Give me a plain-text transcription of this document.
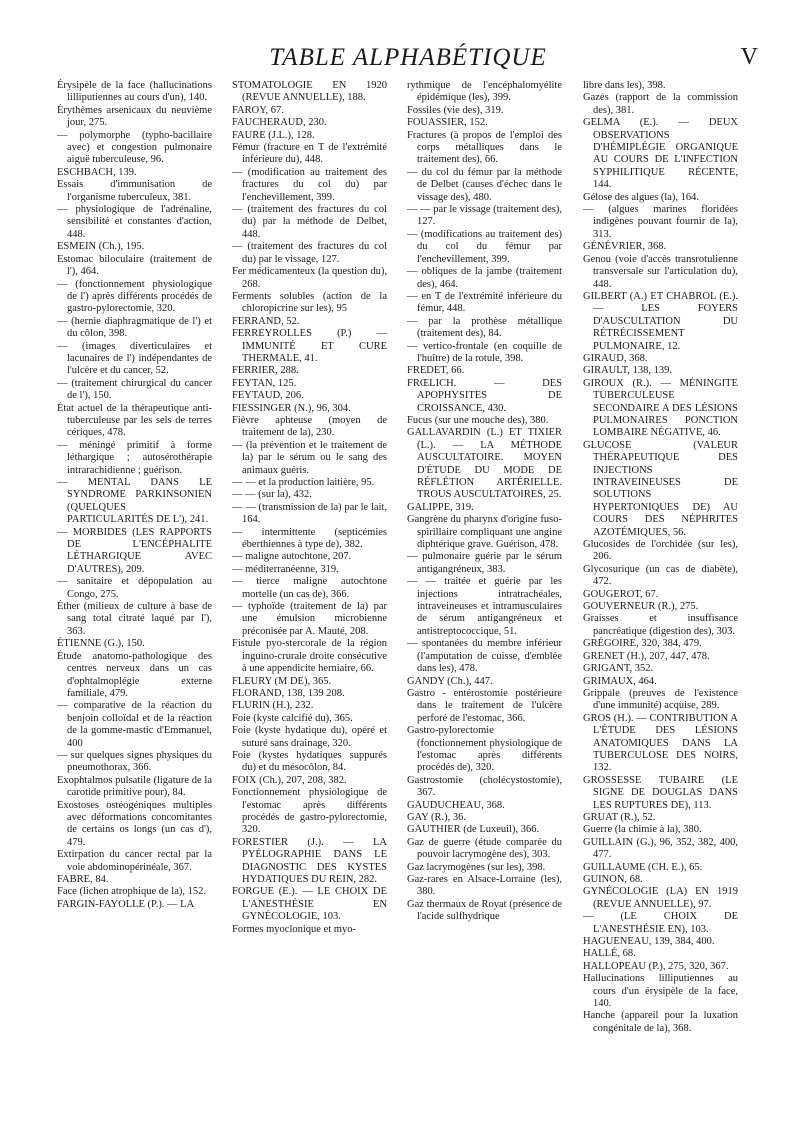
TABLE ALPHABÉTIQUE	V

Érysipèle de la face (hallucinations lilliputiennes au cours d'un), 140.

Érythèmes arsenicaux du neuvième jour, 275.

— polymorphe (typho-bacillaire avec) et congestion pulmonaire aiguë tuberculeuse, 96.

ESCHBACH, 139.

Essais d'immunisation de l'organisme tuberculeux, 381.

— physiologique de l'adrénaline, sensibilité et constantes d'action, 448.

ESMEIN (Ch.), 195.

Estomac biloculaire (traitement de l'), 464.

— (fonctionnement physiologique de l') après différents procédés de gastro-pylorectomie, 320.

— (hernie diaphragmatique de l') et du côlon, 398.

— (images diverticulaires et lacunaires de l') indépendantes de l'ulcère et du cancer, 52.

— (traitement chirurgical du cancer de l'), 150.

État actuel de la thérapeutique anti-tuberculeuse par les sels de terres cériques, 478.

— méningé primitif à forme léthargique ; autosérothérapie intrarachidienne ; guérison.

— MENTAL DANS LE SYNDROME PARKINSONIEN (QUELQUES PARTICULARITÉS DE L'), 241.

— MORBIDES (LES RAPPORTS DE L'ENCÉPHALITE LÉTHARGIQUE AVEC D'AUTRES), 209.

— sanitaire et dépopulation au Congo, 275.

Éther (milieux de culture à base de sang total citraté laqué par l'), 363.

ÉTIENNE (G.), 150.

Étude anatomo-pathologique des centres nerveux dans un cas d'ophtalmoplégie externe familiale, 479.

— comparative de la réaction du benjoin colloïdal et de la réaction de la gomme-mastic d'Emmanuel, 400

— sur quelques signes physiques du pneumothorax, 366.

Exophtalmos pulsatile (ligature de la carotide primitive pour), 84.

Exostoses ostéogéniques multiples avec déformations concomitantes de certains os longs (un cas d'), 479.

Extirpation du cancer rectal par la voie abdominopérinéale, 367.

FABRE, 84.

Face (lichen atrophique de la), 152.

FARGIN-FAYOLLE (P.). — LA

STOMATOLOGIE EN 1920 (REVUE ANNUELLE), 188.

FAROY, 67.

FAUCHERAUD, 230.

FAURE (J.L.), 128.

Fémur (fracture en T de l'extrémité inférieure du), 448.

— (modification au traitement des fractures du col du) par l'enchevillement, 399.

— (traitement des fractures du col du) par la méthode de Delbet, 448.

— (traitement des fractures du col du) par le vissage, 127.

Fer médicamenteux (la question du), 268.

Ferments solubles (action de la chloropicrine sur les), 95

FERRAND, 52.

FERREYROLLES (P.) — IMMUNITÉ ET CURE THERMALE, 41.

FERRIER, 288.

FEYTAN, 125.

FEYTAUD, 206.

FIESSINGER (N.), 96, 304.

Fièvre aphteuse (moyen de traitement de la), 230.

— (la prévention et le traitement de la) par le sérum ou le sang des animaux guéris.

— — et la production laitière, 95.

— — (sur la), 432.

— — (transmission de la) par le lait, 164.

— intermittente (septicémies éberthiennes à type de), 382.

— maligne autochtone, 207.

— méditerranéenne, 319.

— tierce maligne autochtone mortelle (un cas de), 366.

— typhoïde (traitement de la) par une émulsion microbienne préconisée par A. Mauté, 208.

Fistule pyo-stercorale de la région inguino-crurale droite consécutive à une appendicite herniaire, 66.

FLEURY (M DE), 365.

FLORAND, 138, 139 208.

FLURIN (H.), 232.

Foie (kyste calcifié du), 365.

Foie (kyste hydatique du), opéré et suturé sans drainage, 320.

Foie (kystes hydatiques suppurés du) et du mésocôlon, 84.

FOIX (Ch.), 207, 208, 382.

Fonctionnement physiologique de l'estomac après différents procédés de gastro-pylorectomie, 320.

FORESTIER (J.). — LA PYÉLOGRAPHIE DANS LE DIAGNOSTIC DES KYSTES HYDATIQUES DU REIN, 282.

FORGUE (E.). — LE CHOIX DE L'ANESTHÉSIE EN GYNÉCOLOGIE, 103.

Formes myoclonique et myo-

rythmique de l'encéphalomyélite épidémique (les), 399.

Fossiles (vie des), 319.

FOUASSIER, 152.

Fractures (à propos de l'emploi des corps métalliques dans le traitement des), 66.

— du col du fémur par la méthode de Delbet (causes d'échec dans le vissage des), 480.

— — par le vissage (traitement des), 127.

— (modifications au traitement des) du col du fémur par l'enchevillement, 399.

— obliques de la jambe (traitement des), 464.

— en T de l'extrémité inférieure du fémur, 448.

— par la prothèse métallique (traitement des), 84.

— vertico-frontale (en coquille de l'huître) de la rotule, 398.

FREDET, 66.

FRŒLICH. — DES APOPHYSITES DE CROISSANCE, 430.

Fucus (sur une mouche des), 380.

GALLAVARDIN (L.) ET TIXIER (L.). — LA MÉTHODE AUSCULTATOIRE. MOYEN D'ÉTUDE DU MODE DE RÉFLÉTION ARTÉRIELLE. TROUS AUSCULTATOIRES, 25.

GALIPPE, 319.

Gangrène du pharynx d'origine fuso-spirillaire compliquant une angine diphtérique grave. Guérison, 478.

— pulmonaire guérie par le sérum antigangréneux, 383.

— — traitée et guérie par les injections intratrachéales, intraveineuses et intramusculaires de sérum antigangréneux et antistreptococcique, 51.

— spontanées du membre inférieur (l'amputation de cuisse, d'emblée dans les), 478.

GANDY (Ch.), 447.

Gastro - entérostomie postérieure dans le traitement de l'ulcère perforé de l'estomac, 366.

Gastro-pylorectomie (fonctionnement physiologique de l'estomac après différents procédés de), 320.

Gastrostomie (cholécystostomie), 367.

GAUDUCHEAU, 368.

GAY (R.), 36.

GAUTHIER (de Luxeuil), 366.

Gaz de guerre (étude comparée du pouvoir lacrymogène des), 303.

Gaz lacrymogènes (sur les), 398.

Gaz-rares en Alsace-Lorraine (les), 380.

Gaz thermaux de Royat (présence de l'acide sulfhydrique

libre dans les), 398.

Gazés (rapport de la commission des), 381.

GELMA (E.). — DEUX OBSERVATIONS D'HÉMIPLÉGIE ORGANIQUE AU COURS DE L'INFECTION SYPHILITIQUE RÉCENTE, 144.

Gélose des algues (la), 164.

— (algues marines floridées indigènes pouvant fournir de la), 313.

GÉNÉVRIER, 368.

Genou (voie d'accès transrotulienne transversale sur l'articulation du), 448.

GILBERT (A.) ET CHABROL (E.). — LES FOYERS D'AUSCULTATION DU RÉTRÉCISSEMENT PULMONAIRE, 12.

GIRAUD, 368.

GIRAULT, 138, 139.

GIROUX (R.). — MÉNINGITE TUBERCULEUSE SECONDAIRE A DES LÉSIONS PULMONAIRES PONCTION LOMBAIRE NÉGATIVE, 46.

GLUCOSE (VALEUR THÉRAPEUTIQUE DES INJECTIONS INTRAVEINEUSES DE SOLUTIONS HYPERTONIQUES DE) AU COURS DES NÉPHRITES AZOTÉMIQUES, 56.

Glucosides de l'orchidée (sur les), 206.

Glycosurique (un cas de diabète), 472.

GOUGEROT, 67.

GOUVERNEUR (R.), 275.

Graisses et insuffisance pancréatique (digestion des), 303.

GRÉGOIRE, 320, 384, 479.

GRENET (H.), 207, 447, 478.

GRIGANT, 352.

GRIMAUX, 464.

Grippale (preuves de l'existence d'une immunité) acquise, 289.

GROS (H.). — CONTRIBUTION A L'ÉTUDE DES LÉSIONS ANATOMIQUES DANS LA TUBERCULOSE DES NOIRS, 132.

GROSSESSE TUBAIRE (LE SIGNE DE DOUGLAS DANS LES RUPTURES DE), 113.

GRUAT (R.), 52.

Guerre (la chimie à la), 380.

GUILLAIN (G.), 96, 352, 382, 400, 477.

GUILLAUME (CH. E.), 65.

GUINON, 68.

GYNÉCOLOGIE (LA) EN 1919 (REVUE ANNUELLE), 97.

— (LE CHOIX DE L'ANESTHÉSIE EN), 103.

HAGUENEAU, 139, 384, 400.

HALLÉ, 68.

HALLOPEAU (P.), 275, 320, 367.

Hallucinations lilliputiennes au cours d'un érysipèle de la face, 140.

Hanche (appareil pour la luxation congénitale de la), 368.
